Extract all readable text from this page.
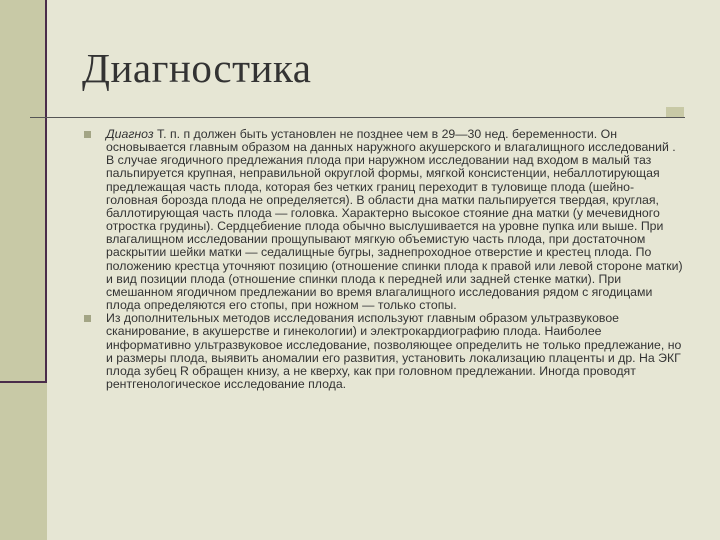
Диагностика

Диагноз Т. п. п должен быть установлен не позднее чем в 29—30 нед. беременности. Он основывается главным образом на данных наружного акушерского и влагалищного исследований . В случае ягодичного предлежания плода при наружном исследовании над входом в малый таз пальпируется крупная, неправильной округлой формы, мягкой консистенции, небаллотирующая предлежащая часть плода, которая без четких границ переходит в туловище плода (шейно-головная борозда плода не определяется). В области дна матки пальпируется твердая, круглая, баллотирующая часть плода — головка. Характерно высокое стояние дна матки (у мечевидного отростка грудины). Сердцебиение плода обычно выслушивается на уровне пупка или выше. При влагалищном исследовании прощупывают мягкую объемистую часть плода, при достаточном раскрытии шейки матки — седалищные бугры, заднепроходное отверстие и крестец плода. По положению крестца уточняют позицию (отношение спинки плода к правой или левой стороне матки) и вид позиции плода (отношение спинки плода к передней или задней стенке матки). При смешанном ягодичном предлежании во время влагалищного исследования рядом с ягодицами плода определяются его стопы, при ножном — только стопы.

Из дополнительных методов исследования используют главным образом ультразвуковое сканирование, в акушерстве и гинекологии) и электрокардиографию плода. Наиболее информативно ультразвуковое исследование, позволяющее определить не только предлежание, но и размеры плода, выявить аномалии его развития, установить локализацию плаценты и др. На ЭКГ плода зубец R обращен книзу, а не кверху, как при головном предлежании. Иногда проводят рентгенологическое исследование плода.
